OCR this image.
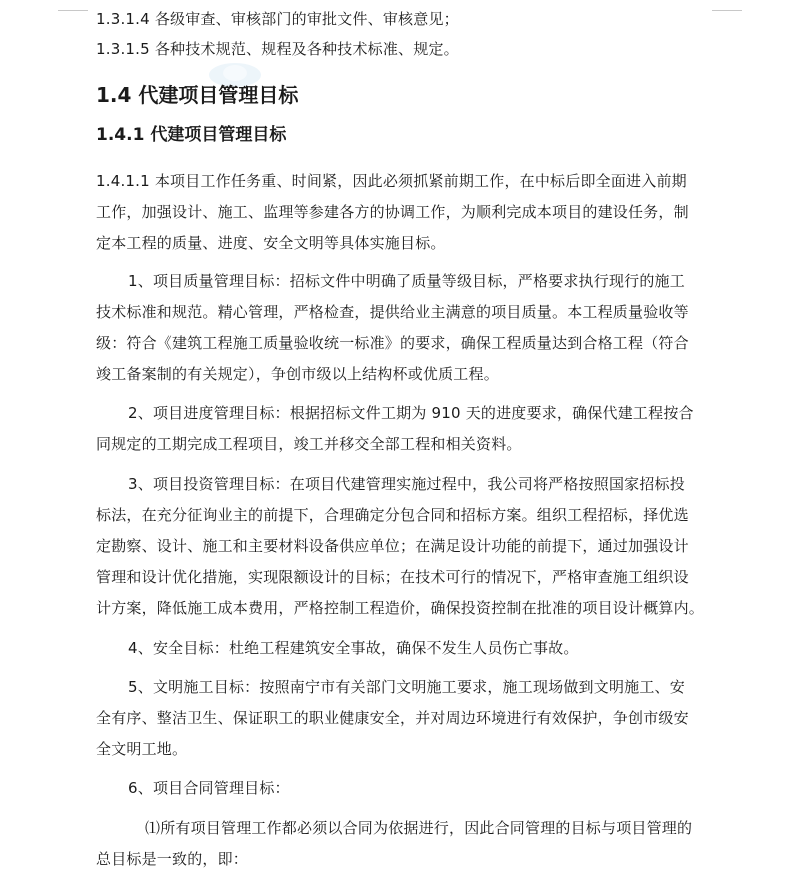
1.3.1.4 各级审查、审核部门的审批文件、审核意见；
1.3.1.5 各种技术规范、规程及各种技术标准、规定。
1.4 代建项目管理目标
1.4.1 代建项目管理目标
1.4.1.1 本项目工作任务重、时间紧，因此必须抓紧前期工作，在中标后即全面进入前期
工作，加强设计、施工、监理等参建各方的协调工作，为顺利完成本项目的建设任务，制
定本工程的质量、进度、安全文明等具体实施目标。
1、项目质量管理目标：招标文件中明确了质量等级目标，严格要求执行现行的施工
技术标准和规范。精心管理，严格检查，提供给业主满意的项目质量。本工程质量验收等
级：符合《建筑工程施工质量验收统一标准》的要求，确保工程质量达到合格工程（符合
竣工备案制的有关规定），争创市级以上结构杯或优质工程。
2、项目进度管理目标：根据招标文件工期为 910 天的进度要求，确保代建工程按合
同规定的工期完成工程项目，竣工并移交全部工程和相关资料。
3、项目投资管理目标：在项目代建管理实施过程中，我公司将严格按照国家招标投
标法，在充分征询业主的前提下，合理确定分包合同和招标方案。组织工程招标，择优选
定勘察、设计、施工和主要材料设备供应单位；在满足设计功能的前提下，通过加强设计
管理和设计优化措施，实现限额设计的目标；在技术可行的情况下，严格审查施工组织设
计方案，降低施工成本费用，严格控制工程造价，确保投资控制在批准的项目设计概算内。
4、安全目标：杜绝工程建筑安全事故，确保不发生人员伤亡事故。
5、文明施工目标：按照南宁市有关部门文明施工要求，施工现场做到文明施工、安
全有序、整洁卫生、保证职工的职业健康安全，并对周边环境进行有效保护，争创市级安
全文明工地。
6、项目合同管理目标：
⑴所有项目管理工作都必须以合同为依据进行，因此合同管理的目标与项目管理的
总目标是一致的，即：
